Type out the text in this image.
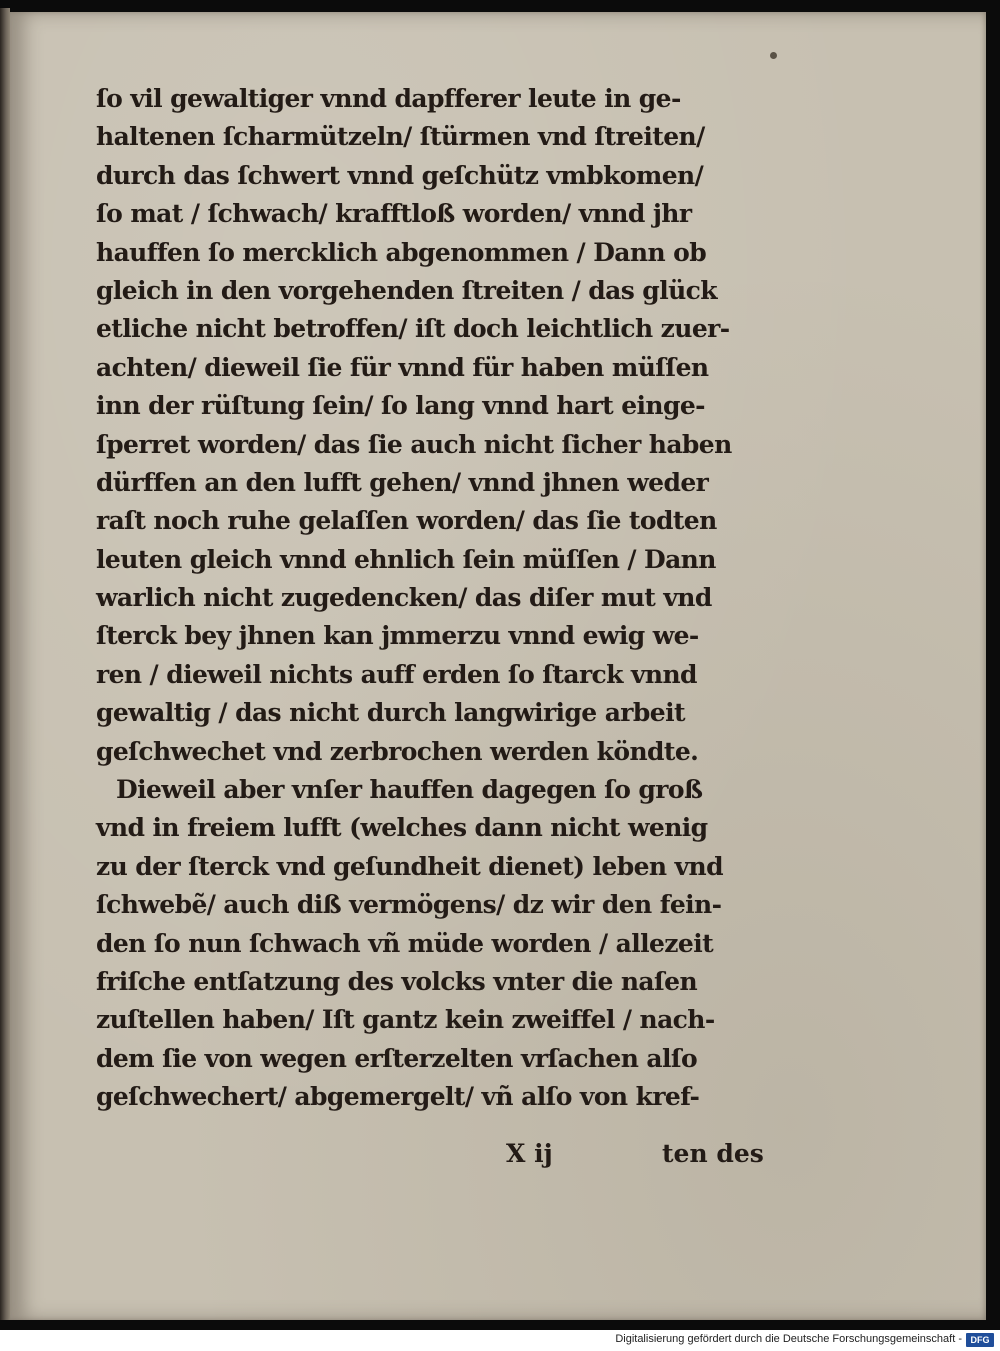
ſo vil gewaltiger vnnd dapfferer leute in ge-
haltenen ſcharmützeln/ ſtürmen vnd ſtreiten/
durch das ſchwert vnnd geſchütz vmbkomen/
ſo mat / ſchwach/ krafftloß worden/ vnnd jhr
hauffen ſo mercklich abgenommen / Dann ob
gleich in den vorgehenden ſtreiten / das glück
etliche nicht betroffen/ iſt doch leichtlich zuer-
achten/ dieweil ſie für vnnd für haben müſſen
inn der rüſtung ſein/ ſo lang vnnd hart einge-
ſperret worden/ das ſie auch nicht ſicher haben
dürffen an den lufft gehen/ vnnd jhnen weder
raſt noch ruhe gelaſſen worden/ das ſie todten
leuten gleich vnnd ehnlich ſein müſſen / Dann
warlich nicht zugedencken/ das diſer mut vnd
ſterck bey jhnen kan jmmerzu vnnd ewig we-
ren / dieweil nichts auff erden ſo ſtarck vnnd
gewaltig / das nicht durch langwirige arbeit
geſchwechet vnd zerbrochen werden köndte.
Dieweil aber vnſer hauffen dagegen ſo groß
vnd in freiem lufft (welches dann nicht wenig
zu der ſterck vnd geſundheit dienet) leben vnd
ſchwebẽ/ auch diß vermögens/ dz wir den fein-
den ſo nun ſchwach vñ müde worden / allezeit
friſche entſatzung des volcks vnter die naſen
zuſtellen haben/ Iſt gantz kein zweiffel / nach-
dem ſie von wegen erſterzelten vrſachen alſo
geſchwechert/ abgemergelt/ vñ alſo von kref-
X ij	ten des
Digitalisierung gefördert durch die Deutsche Forschungsgemeinschaft - DFG
